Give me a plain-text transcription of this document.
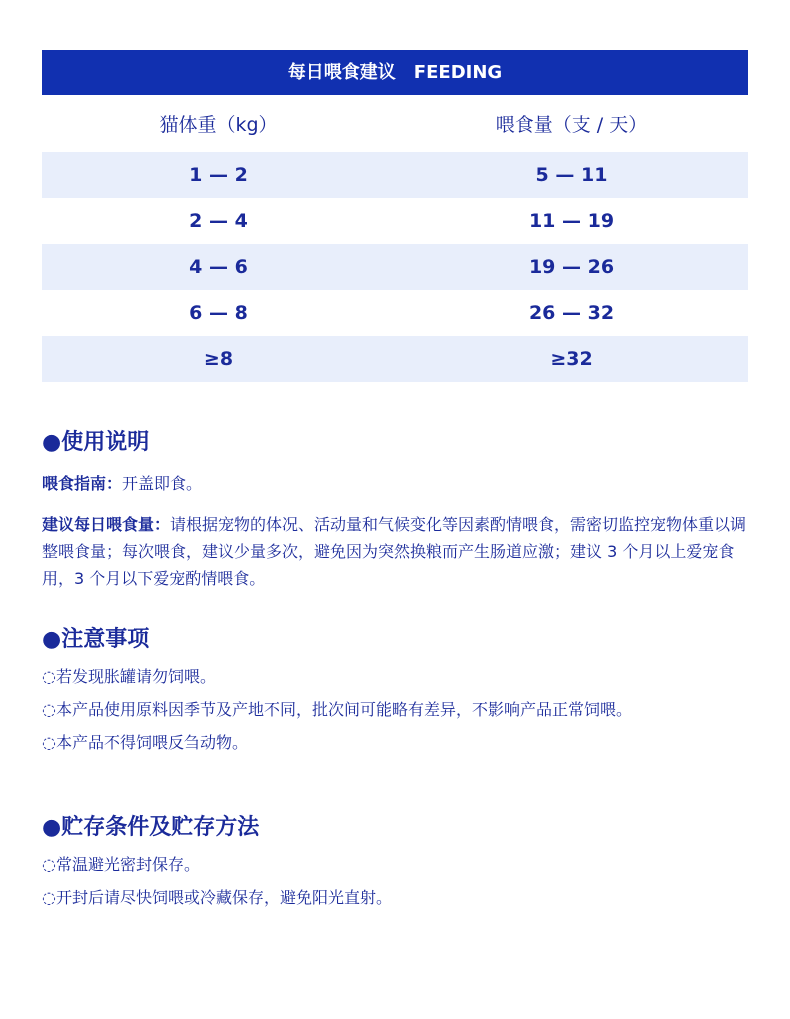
每日喂食建议　FEEDING
猫体重（kg）	喂食量（支 / 天）
1 — 2	5 — 11
2 — 4	11 — 19
4 — 6	19 — 26
6 — 8	26 — 32
≥8	≥32
●使用说明
喂食指南：开盖即食。
建议每日喂食量：请根据宠物的体况、活动量和气候变化等因素酌情喂食，需密切监控宠物体重以调整喂食量；每次喂食，建议少量多次，避免因为突然换粮而产生肠道应激；建议 3 个月以上爱宠食用，3 个月以下爱宠酌情喂食。
●注意事项
◌若发现胀罐请勿饲喂。
◌本产品使用原料因季节及产地不同，批次间可能略有差异，不影响产品正常饲喂。
◌本产品不得饲喂反刍动物。
●贮存条件及贮存方法
◌常温避光密封保存。
◌开封后请尽快饲喂或冷藏保存，避免阳光直射。
